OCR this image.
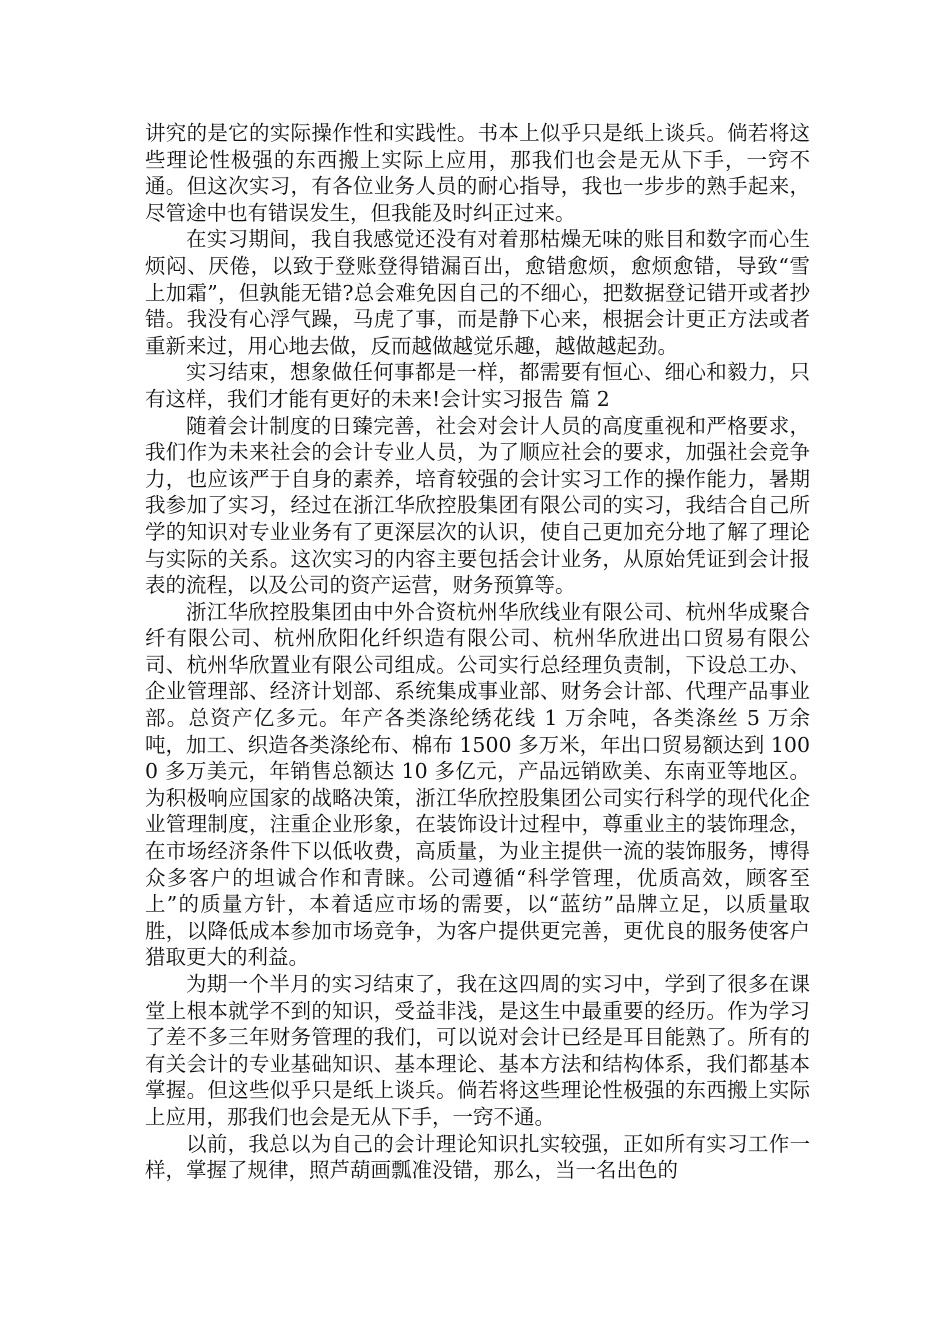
讲究的是它的实际操作性和实践性。书本上似乎只是纸上谈兵。倘若将这些理论性极强的东西搬上实际上应用，那我们也会是无从下手，一窍不通。但这次实习，有各位业务人员的耐心指导，我也一步步的熟手起来，尽管途中也有错误发生，但我能及时纠正过来。

在实习期间，我自我感觉还没有对着那枯燥无味的账目和数字而心生烦闷、厌倦，以致于登账登得错漏百出，愈错愈烦，愈烦愈错，导致“雪上加霜”，但孰能无错?总会难免因自己的不细心，把数据登记错开或者抄错。我没有心浮气躁，马虎了事，而是静下心来，根据会计更正方法或者重新来过，用心地去做，反而越做越觉乐趣，越做越起劲。

实习结束，想象做任何事都是一样，都需要有恒心、细心和毅力，只有这样，我们才能有更好的未来!会计实习报告 篇 2

随着会计制度的日臻完善，社会对会计人员的高度重视和严格要求，我们作为未来社会的会计专业人员，为了顺应社会的要求，加强社会竞争力，也应该严于自身的素养，培育较强的会计实习工作的操作能力，暑期我参加了实习，经过在浙江华欣控股集团有限公司的实习，我结合自己所学的知识对专业业务有了更深层次的认识，使自己更加充分地了解了理论与实际的关系。这次实习的内容主要包括会计业务，从原始凭证到会计报表的流程，以及公司的资产运营，财务预算等。

浙江华欣控股集团由中外合资杭州华欣线业有限公司、杭州华成聚合纤有限公司、杭州欣阳化纤织造有限公司、杭州华欣进出口贸易有限公司、杭州华欣置业有限公司组成。公司实行总经理负责制，下设总工办、企业管理部、经济计划部、系统集成事业部、财务会计部、代理产品事业部。总资产亿多元。年产各类涤纶绣花线 1 万余吨，各类涤丝 5 万余吨，加工、织造各类涤纶布、棉布 1500 多万米，年出口贸易额达到 1000 多万美元，年销售总额达 10 多亿元，产品远销欧美、东南亚等地区。为积极响应国家的战略决策，浙江华欣控股集团公司实行科学的现代化企业管理制度，注重企业形象，在装饰设计过程中，尊重业主的装饰理念，在市场经济条件下以低收费，高质量，为业主提供一流的装饰服务，博得众多客户的坦诚合作和青睐。公司遵循“科学管理，优质高效，顾客至上”的质量方针，本着适应市场的需要，以“蓝纺”品牌立足，以质量取胜，以降低成本参加市场竞争，为客户提供更完善，更优良的服务使客户猎取更大的利益。

为期一个半月的实习结束了，我在这四周的实习中，学到了很多在课堂上根本就学不到的知识，受益非浅，是这生中最重要的经历。作为学习了差不多三年财务管理的我们，可以说对会计已经是耳目能熟了。所有的有关会计的专业基础知识、基本理论、基本方法和结构体系，我们都基本掌握。但这些似乎只是纸上谈兵。倘若将这些理论性极强的东西搬上实际上应用，那我们也会是无从下手，一窍不通。

以前，我总以为自己的会计理论知识扎实较强，正如所有实习工作一样，掌握了规律，照芦葫画瓢准没错，那么，当一名出色的
